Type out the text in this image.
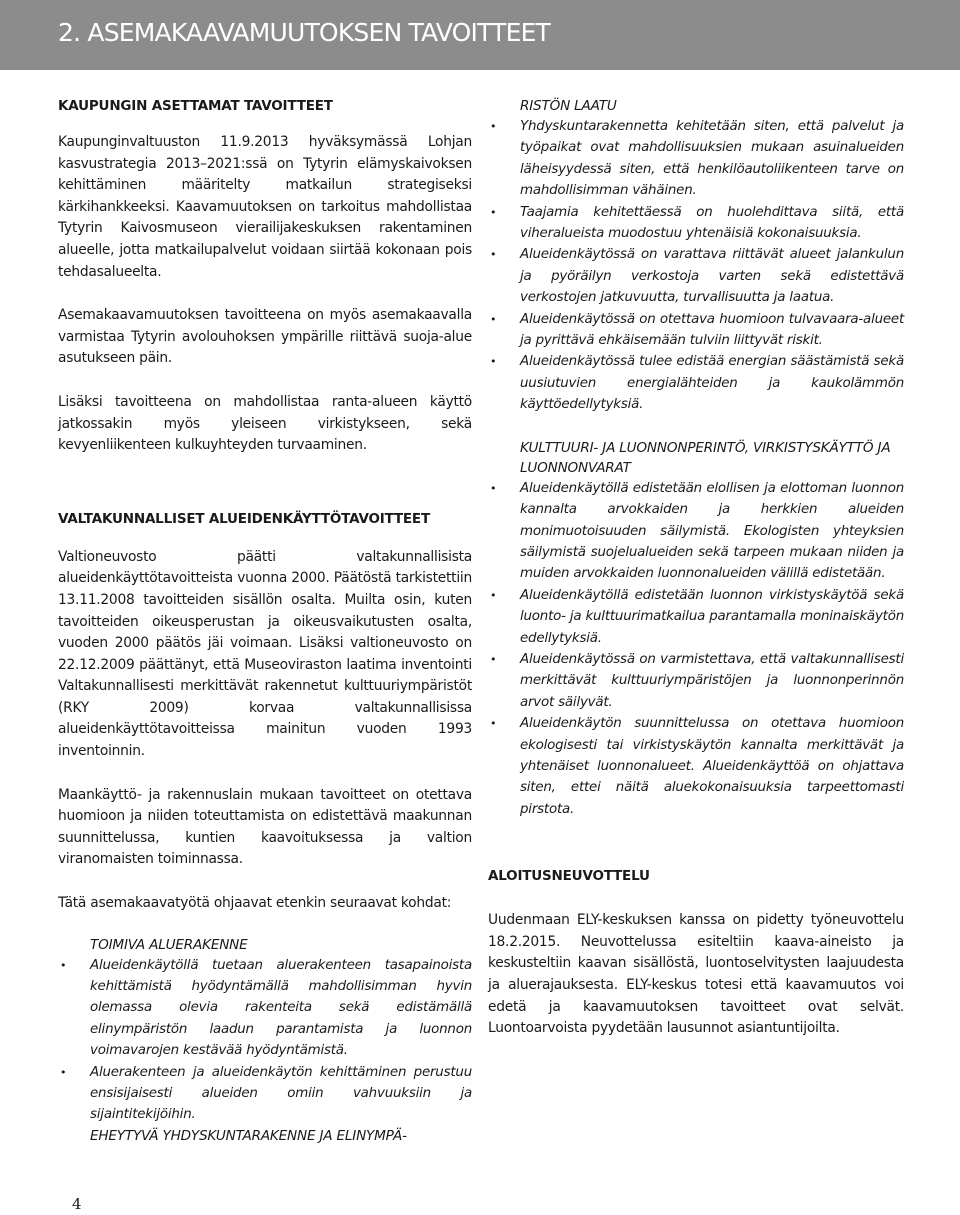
2. ASEMAKAAVAMUUTOKSEN TAVOITTEET
KAUPUNGIN ASETTAMAT TAVOITTEET

Kaupunginvaltuuston 11.9.2013 hyväksymässä Lohjan kasvustrategia 2013–2021:ssä on Tytyrin elämyskaivoksen kehittäminen määritelty matkailun strategiseksi kärkihankkeeksi. Kaavamuutoksen on tarkoitus mahdollistaa Tytyrin Kaivosmuseon vierailijakeskuksen rakentaminen alueelle, jotta matkailupalvelut voidaan siirtää kokonaan pois tehdasalueelta.

Asemakaavamuutoksen tavoitteena on myös asemakaavalla varmistaa Tytyrin avolouhoksen ympärille riittävä suoja-alue asutukseen päin.

Lisäksi tavoitteena on mahdollistaa ranta-alueen käyttö jatkossakin myös yleiseen virkistykseen, sekä kevyenliikenteen kulkuyhteyden turvaaminen.

VALTAKUNNALLISET ALUEIDENKÄYTTÖTAVOITTEET

Valtioneuvosto päätti valtakunnallisista alueidenkäyttötavoitteista vuonna 2000. Päätöstä tarkistettiin 13.11.2008 tavoitteiden sisällön osalta. Muilta osin, kuten tavoitteiden oikeusperustan ja oikeusvaikutusten osalta, vuoden 2000 päätös jäi voimaan. Lisäksi valtioneuvosto on 22.12.2009 päättänyt, että Museoviraston laatima inventointi Valtakunnallisesti merkittävät rakennetut kulttuuriympäristöt (RKY 2009) korvaa valtakunnallisissa alueidenkäyttötavoitteissa mainitun vuoden 1993 inventoinnin.

Maankäyttö- ja rakennuslain mukaan tavoitteet on otettava huomioon ja niiden toteuttamista on edistettävä maakunnan suunnittelussa, kuntien kaavoituksessa ja valtion viranomaisten toiminnassa.

Tätä asemakaavatyötä ohjaavat etenkin seuraavat kohdat:

TOIMIVA ALUERAKENNE

• Alueidenkäytöllä tuetaan aluerakenteen tasapainoista kehittämistä hyödyntämällä mahdollisimman hyvin olemassa olevia rakenteita sekä edistämällä elinympäristön laadun parantamista ja luonnon voimavarojen kestävää hyödyntämistä.
• Aluerakenteen ja alueidenkäytön kehittäminen perustuu ensisijaisesti alueiden omiin vahvuuksiin ja sijaintitekijöihin.

EHEYTYVÄ YHDYSKUNTARAKENNE JA ELINYMPÄ-

RISTÖN LAATU

• Yhdyskuntarakennetta kehitetään siten, että palvelut ja työpaikat ovat mahdollisuuksien mukaan asuinalueiden läheisyydessä siten, että henkilöautoliikenteen tarve on mahdollisimman vähäinen.
• Taajamia kehitettäessä on huolehdittava siitä, että viheralueista muodostuu yhtenäisiä kokonaisuuksia.
• Alueidenkäytössä on varattava riittävät alueet jalankulun ja pyöräilyn verkostoja varten sekä edistettävä verkostojen jatkuvuutta, turvallisuutta ja laatua.
• Alueidenkäytössä on otettava huomioon tulvavaara-alueet ja pyrittävä ehkäisemään tulviin liittyvät riskit.
• Alueidenkäytössä tulee edistää energian säästämistä sekä uusiutuvien energialähteiden ja kaukolämmön käyttöedellytyksiä.

KULTTUURI- JA LUONNONPERINTÖ, VIRKISTYSKÄYTTÖ JA LUONNONVARAT

• Alueidenkäytöllä edistetään elollisen ja elottoman luonnon kannalta arvokkaiden ja herkkien alueiden monimuotoisuuden säilymistä. Ekologisten yhteyksien säilymistä suojelualueiden sekä tarpeen mukaan niiden ja muiden arvokkaiden luonnonalueiden välillä edistetään.
• Alueidenkäytöllä edistetään luonnon virkistyskäytöä sekä luonto- ja kulttuurimatkailua parantamalla moninaiskäytön edellytyksiä.
• Alueidenkäytössä on varmistettava, että valtakunnallisesti merkittävät kulttuuriympäristöjen ja luonnonperinnön arvot säilyvät.
• Alueidenkäytön suunnittelussa on otettava huomioon ekologisesti tai virkistyskäytön kannalta merkittävät ja yhtenäiset luonnonalueet. Alueidenkäyttöä on ohjattava siten, ettei näitä aluekokonaisuuksia tarpeettomasti pirstota.
ALOITUSNEUVOTTELU

Uudenmaan ELY-keskuksen kanssa on pidetty työneuvottelu 18.2.2015. Neuvottelussa esiteltiin kaava-aineisto ja keskusteltiin kaavan sisällöstä, luontoselvitysten laajuudesta ja aluerajauksesta. ELY-keskus totesi että kaavamuutos voi edetä ja kaavamuutoksen tavoitteet ovat selvät. Luontoarvoista pyydetään lausunnot asiantuntijoilta.

4
